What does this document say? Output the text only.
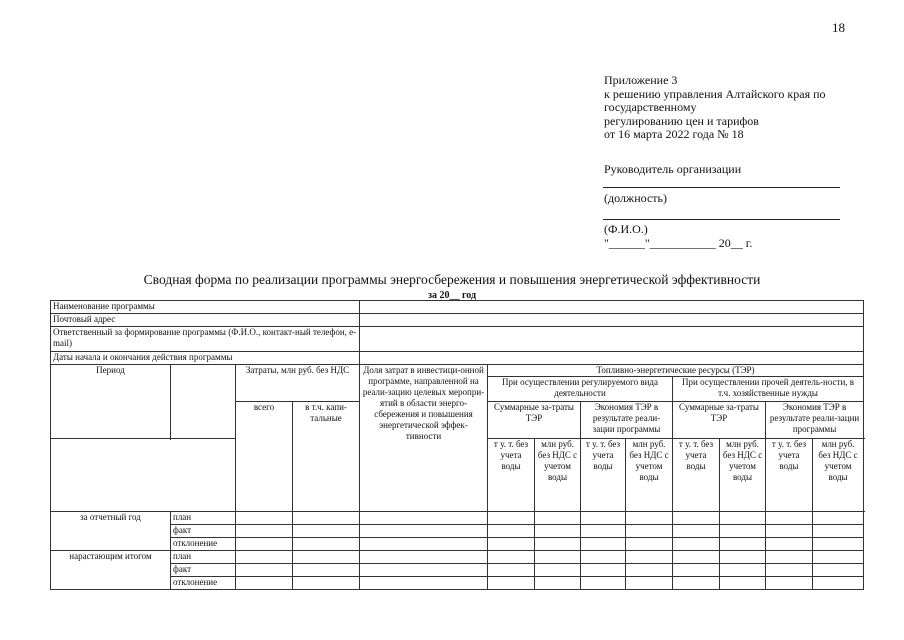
18
Приложение 3
к решению управления Алтайского края по
государственному
регулированию цен и тарифов
от 16 марта 2022 года № 18
Руководитель организации
(должность)
(Ф.И.О.)
"______"___________ 20__ г.
Сводная форма по реализации программы энергосбережения и повышения энергетической эффективности
за 20__ год
Наименование программы													
Почтовый адрес													
Ответственный за формирование программы (Ф.И.О., контакт-ный телефон, e-mail)													
Даты начала и окончания действия программы													
Период		Затраты, млн руб. без НДС		Доля затрат в инвестици-онной программе, направленной на реали-зацию целевых меропри-ятий в области энерго-сбережения и повышения энергетической эффек-тивности	Топливно-энергетические ресурсы (ТЭР)								
					При осуществлении регулируемого вида деятельности				При осуществлении прочей деятель-ности, в т.ч. хозяйственные нужды				
		всего	в т.ч. капи-тальные		Суммарные за-траты ТЭР		Экономия ТЭР в результате реали-зации программы		Суммарные за-траты ТЭР		Экономия ТЭР в результате реали-зации программы		
					т у. т. без учета воды	млн руб. без НДС с учетом воды	т у. т. без учета воды	млн руб. без НДС с учетом воды	т у. т. без учета воды	млн руб. без НДС с учетом воды	т у. т. без учета воды	млн руб. без НДС с учетом воды	

за отчетный год	план												
	факт												
	отклонение												
нарастающим итогом	план												
	факт												
	отклонение												
